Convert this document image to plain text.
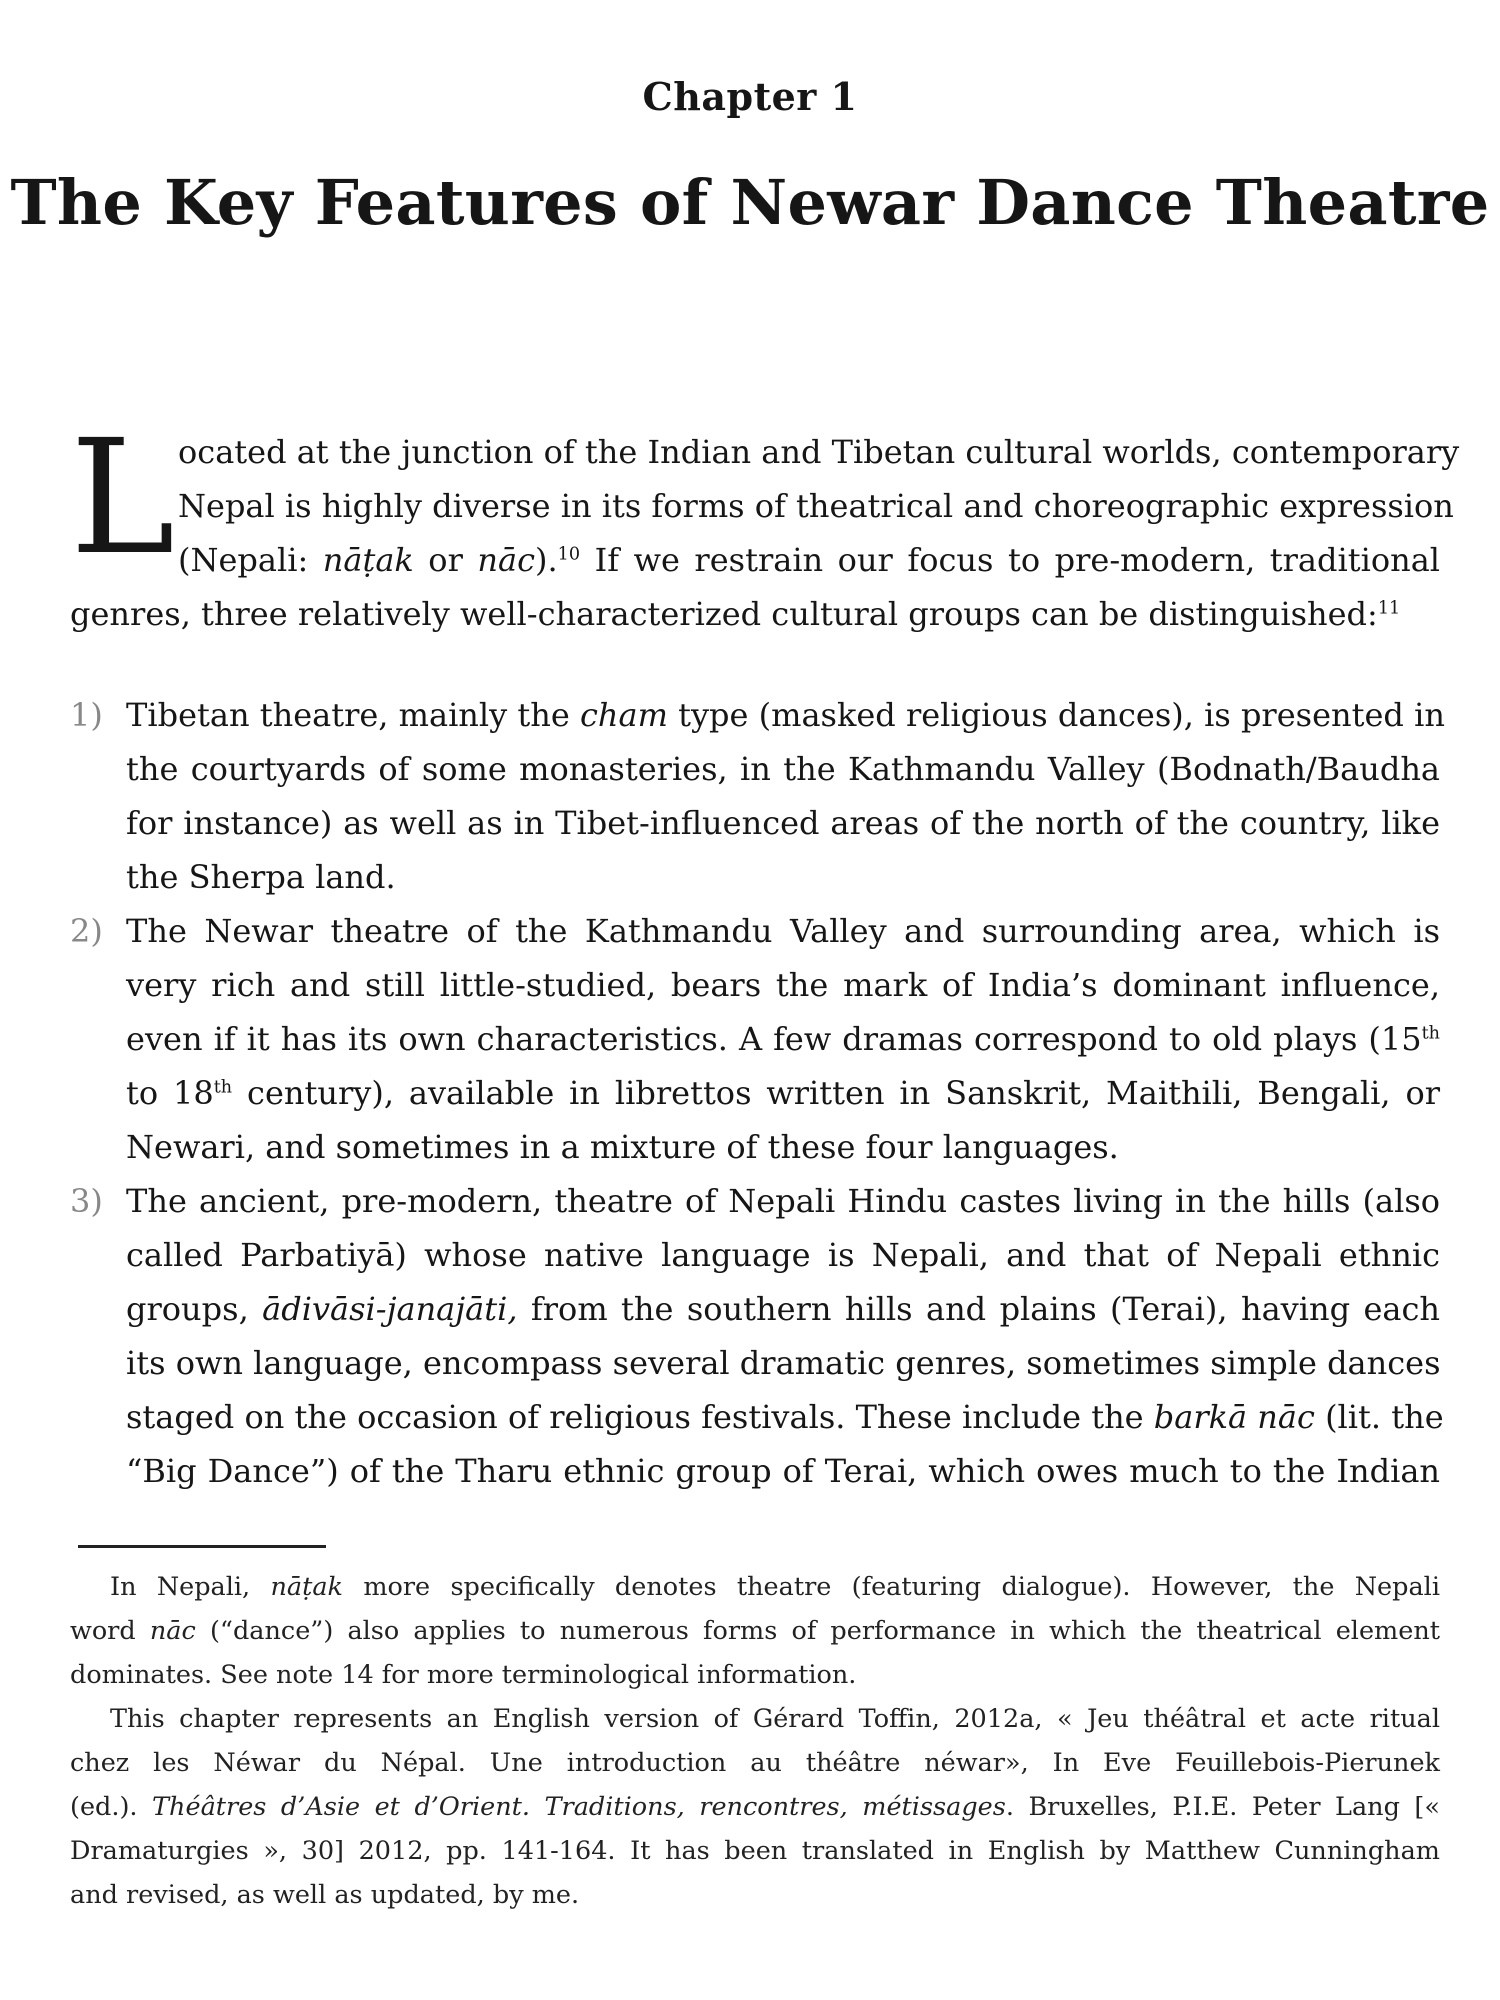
Chapter 1
The Key Features of Newar Dance Theatre
L ocated at the junction of the Indian and Tibetan cultural worlds, contemporary
Nepal is highly diverse in its forms of theatrical and choreographic expression
(Nepali: nāṭak or nāc).$^{10}$ If we restrain our focus to pre-modern, traditional
genres, three relatively well-characterized cultural groups can be distinguished:$^{11}$
1) Tibetan theatre, mainly the cham type (masked religious dances), is presented in
the courtyards of some monasteries, in the Kathmandu Valley (Bodnath/Baudha
for instance) as well as in Tibet-influenced areas of the north of the country, like
the Sherpa land.
2) The Newar theatre of the Kathmandu Valley and surrounding area, which is
very rich and still little-studied, bears the mark of India’s dominant influence,
even if it has its own characteristics. A few dramas correspond to old plays (15th
to 18th century), available in librettos written in Sanskrit, Maithili, Bengali, or
Newari, and sometimes in a mixture of these four languages.
3) The ancient, pre-modern, theatre of Nepali Hindu castes living in the hills (also
called Parbatiyā) whose native language is Nepali, and that of Nepali ethnic
groups, ādivāsi-janajāti, from the southern hills and plains (Terai), having each
its own language, encompass several dramatic genres, sometimes simple dances
staged on the occasion of religious festivals. These include the barkā nāc (lit. the
“Big Dance”) of the Tharu ethnic group of Terai, which owes much to the Indian
In Nepali, nāṭak more specifically denotes theatre (featuring dialogue). However, the Nepali
word nāc (“dance”) also applies to numerous forms of performance in which the theatrical element
dominates. See note 14 for more terminological information.
This chapter represents an English version of Gérard Toffin, 2012a, « Jeu théâtral et acte ritual
chez les Néwar du Népal. Une introduction au théâtre néwar», In Eve Feuillebois-Pierunek
(ed.). Théâtres d’Asie et d’Orient. Traditions, rencontres, métissages. Bruxelles, P.I.E. Peter Lang [«
Dramaturgies », 30] 2012, pp. 141-164. It has been translated in English by Matthew Cunningham
and revised, as well as updated, by me.
